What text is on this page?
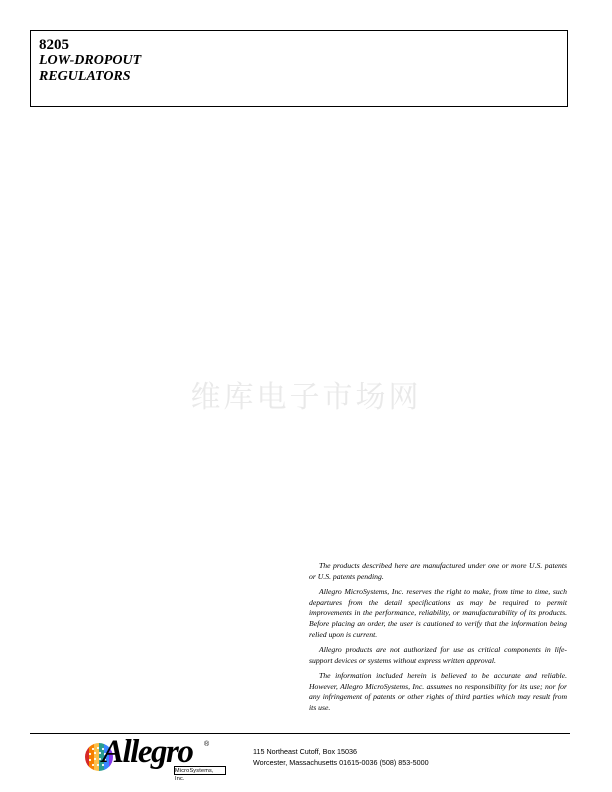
8205
LOW-DROPOUT
REGULATORS
维库电子市场网

The products described here are manufactured under one or more U.S. patents or U.S. patents pending.

Allegro MicroSystems, Inc. reserves the right to make, from time to time, such departures from the detail specifications as may be required to permit improvements in the performance, reliability, or manufacturability of its products. Before placing an order, the user is cautioned to verify that the information being relied upon is current.

Allegro products are not authorized for use as critical components in life-support devices or systems without express written approval.

The information included herein is believed to be accurate and reliable. However, Allegro MicroSystems, Inc. assumes no responsibility for its use; nor for any infringement of patents or other rights of third parties which may result from its use.

Allegro ®
MicroSystems, Inc.
115 Northeast Cutoff, Box 15036
Worcester, Massachusetts 01615-0036 (508) 853-5000
